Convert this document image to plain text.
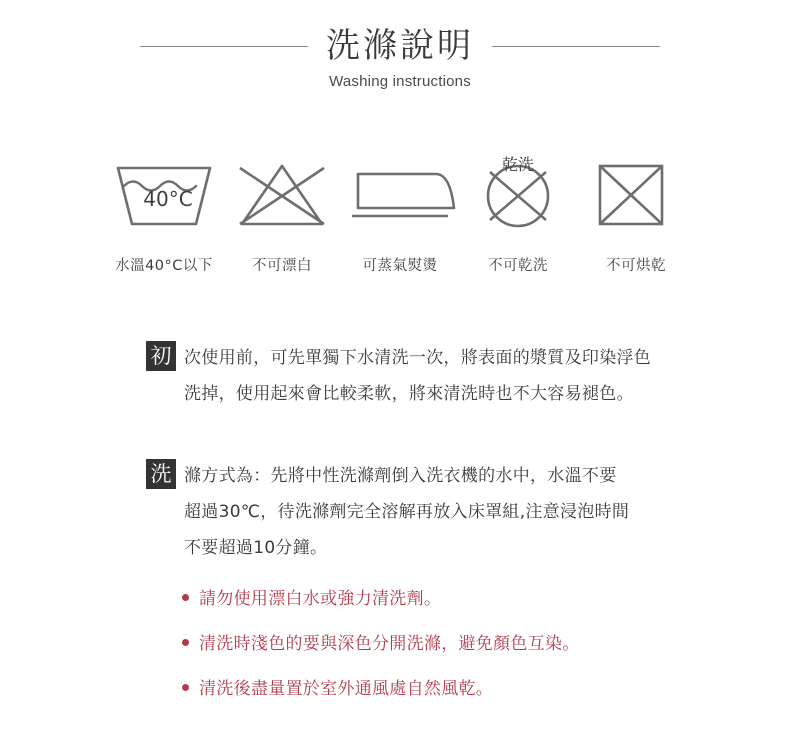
洗滌說明
Washing instructions
40°C
水溫40°C以下	不可漂白	可蒸氣熨燙
乾洗
不可乾洗	不可烘乾
初 次使用前，可先單獨下水清洗一次，將表面的漿質及印染浮色
洗掉，使用起來會比較柔軟，將來清洗時也不大容易褪色。
洗 滌方式為：先將中性洗滌劑倒入洗衣機的水中，水溫不要
超過30℃，待洗滌劑完全溶解再放入床罩組,注意浸泡時間
不要超過10分鐘。
請勿使用漂白水或強力清洗劑。
清洗時淺色的要與深色分開洗滌，避免顏色互染。
清洗後盡量置於室外通風處自然風乾。
